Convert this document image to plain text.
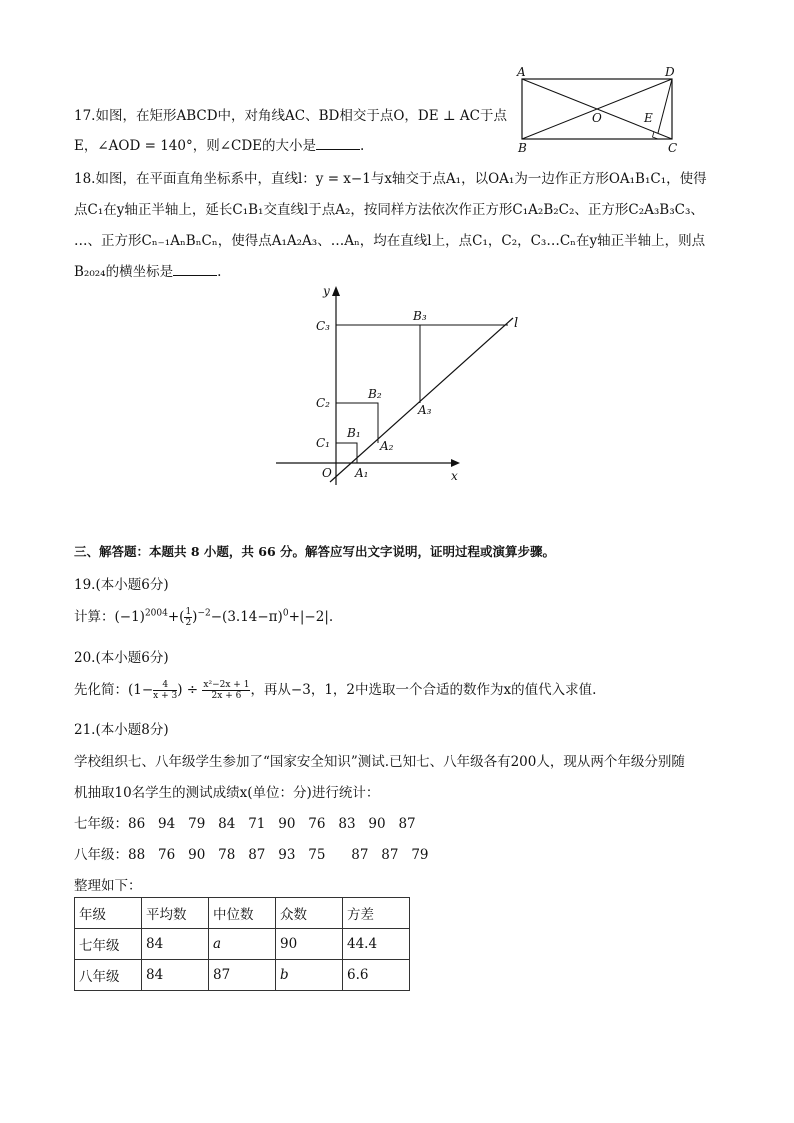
17.如图，在矩形ABCD中，对角线AC、BD相交于点O，DE ⊥ AC于点
E，∠AOD = 140°，则∠CDE的大小是	.
A	D
B	C
O	E
18.如图，在平面直角坐标系中，直线l：y = x−1与x轴交于点A₁，以OA₁为一边作正方形OA₁B₁C₁，使得
点C₁在y轴正半轴上，延长C₁B₁交直线l于点A₂，按同样方法依次作正方形C₁A₂B₂C₂、正方形C₂A₃B₃C₃、
…、正方形Cₙ₋₁AₙBₙCₙ，使得点A₁A₂A₃、…Aₙ，均在直线l上，点C₁，C₂，C₃…Cₙ在y轴正半轴上，则点
B₂₀₂₄的横坐标是	.
y
x
O
l
C₃
B₃
C₂
B₂
A₃
C₁
B₁
A₂
A₁
三、解答题：本题共 8 小题，共 66 分。解答应写出文字说明，证明过程或演算步骤。
19.(本小题6分)
计算：$(-1)^{2004}+( \frac{1}{2} )^{-2}-(3.14-\pi)^0+|-2|$.
20.(本小题6分)
先化简：($1- \frac{4}{x + 3}$ ) ÷ $\frac{\text{x²−2x + 1}}{2x + 6}$ ，再从−3，1，2中选取一个合适的数作为x的值代入求值.
21.(本小题8分)
学校组织七、八年级学生参加了“国家安全知识”测试.已知七、八年级各有200人，现从两个年级分别随
机抽取10名学生的测试成绩x(单位：分)进行统计：
七年级：86   94   79   84   71   90   76   83   90   87
八年级：88   76   90   78   87   93   75      87   87   79
整理如下：
年级	平均数	中位数	众数	方差
七年级	84	a	90	44.4
八年级	84	87	b	6.6
